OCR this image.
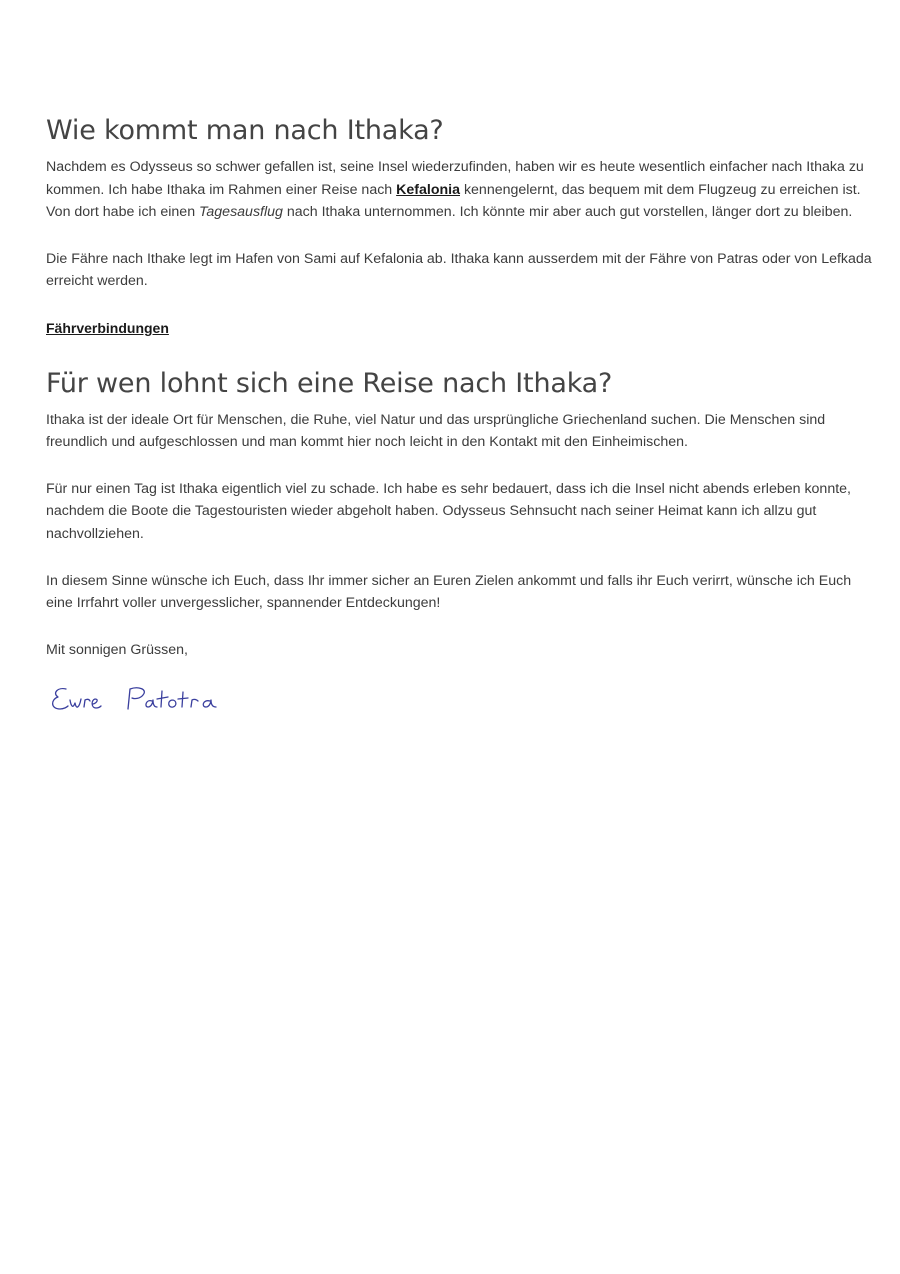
Wie kommt man nach Ithaka?

Nachdem es Odysseus so schwer gefallen ist, seine Insel wiederzufinden, haben wir es heute wesentlich einfacher nach Ithaka zu kommen. Ich habe Ithaka im Rahmen einer Reise nach Kefalonia kennengelernt, das bequem mit dem Flugzeug zu erreichen ist. Von dort habe ich einen Tagesausflug nach Ithaka unternommen. Ich könnte mir aber auch gut vorstellen, länger dort zu bleiben.

Die Fähre nach Ithake legt im Hafen von Sami auf Kefalonia ab. Ithaka kann ausserdem mit der Fähre von Patras oder von Lefkada erreicht werden.

Fährverbindungen

Für wen lohnt sich eine Reise nach Ithaka?

Ithaka ist der ideale Ort für Menschen, die Ruhe, viel Natur und das ursprüngliche Griechenland suchen. Die Menschen sind freundlich und aufgeschlossen und man kommt hier noch leicht in den Kontakt mit den Einheimischen.

Für nur einen Tag ist Ithaka eigentlich viel zu schade. Ich habe es sehr bedauert, dass ich die Insel nicht abends erleben konnte, nachdem die Boote die Tagestouristen wieder abgeholt haben. Odysseus Sehnsucht nach seiner Heimat kann ich allzu gut nachvollziehen.

In diesem Sinne wünsche ich Euch, dass Ihr immer sicher an Euren Zielen ankommt und falls ihr Euch verirrt, wünsche ich Euch eine Irrfahrt voller unvergesslicher, spannender Entdeckungen!

Mit sonnigen Grüssen,
